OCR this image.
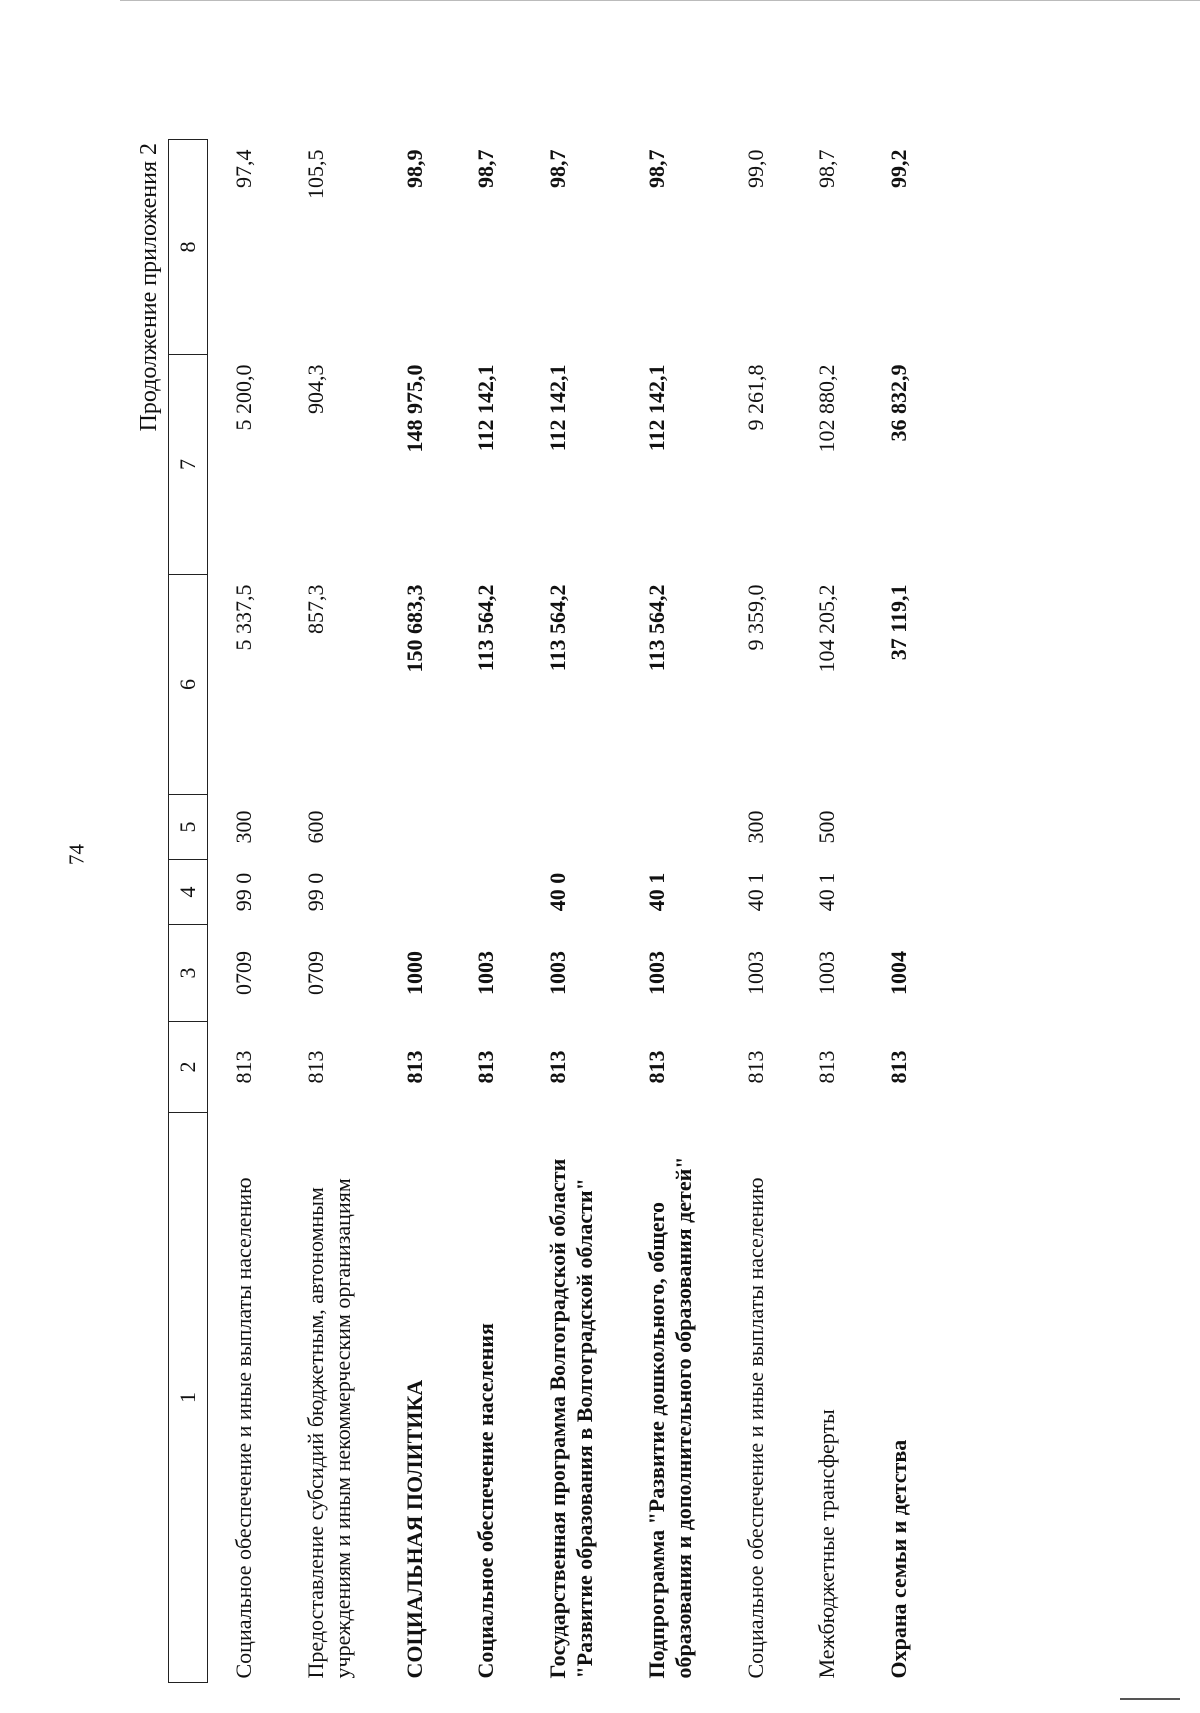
74
Продолжение приложения 2
1	2	3	4	5	6	7	8
Социальное обеспечение и иные выплаты населению	813	0709	99 0	300	5 337,5	5 200,0	97,4
Предоставление субсидий бюджетным, автономным учреждениям и иным некоммерческим организациям	813	0709	99 0	600	857,3	904,3	105,5
СОЦИАЛЬНАЯ ПОЛИТИКА	813	1000			150 683,3	148 975,0	98,9
Социальное обеспечение населения	813	1003			113 564,2	112 142,1	98,7
Государственная программа Волгоградской области "Развитие образования в Волгоградской области"	813	1003	40 0		113 564,2	112 142,1	98,7
Подпрограмма "Развитие дошкольного, общего образования и дополнительного образования детей"	813	1003	40 1		113 564,2	112 142,1	98,7
Социальное обеспечение и иные выплаты населению	813	1003	40 1	300	9 359,0	9 261,8	99,0
Межбюджетные трансферты	813	1003	40 1	500	104 205,2	102 880,2	98,7
Охрана семьи и детства	813	1004			37 119,1	36 832,9	99,2
